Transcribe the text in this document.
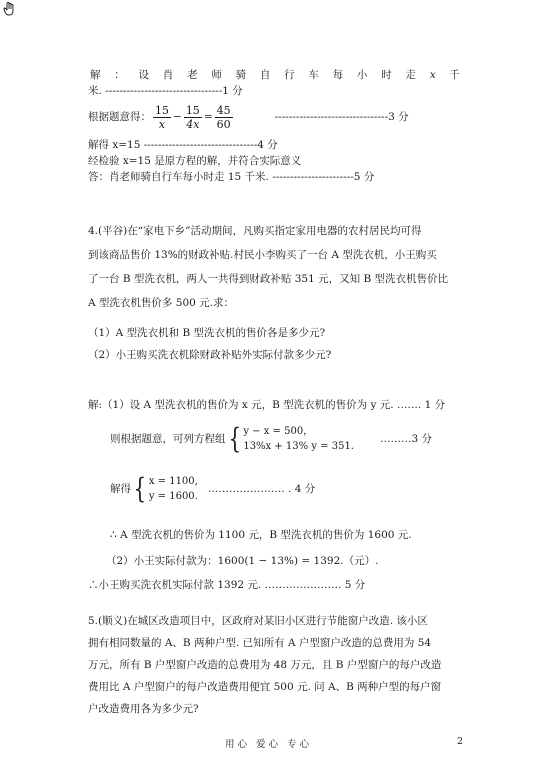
解 ： 设 肖 老 师 骑 自 行 车 每 小 时 走 x 千
米. ---------------------------------1 分
根据题意得： $\frac{15}{x} - \frac{15}{4x} = \frac{45}{60}$	--------------------------------3 分
解得 x=15 --------------------------------4 分
经检验 x=15 是原方程的解，并符合实际意义
答：肖老师骑自行车每小时走 15 千米. -----------------------5 分
4.(平谷)在“家电下乡”活动期间，凡购买指定家用电器的农村居民均可得
到该商品售价 13%的财政补贴.村民小李购买了一台 A 型洗衣机，小王购买
了一台 B 型洗衣机，两人一共得到财政补贴 351 元，又知 B 型洗衣机售价比
A 型洗衣机售价多 500 元.求：
（1）A 型洗衣机和 B 型洗衣机的售价各是多少元?
（2）小王购买洗衣机除财政补贴外实际付款多少元?
解:（1）设 A 型洗衣机的售价为 x 元，B 型洗衣机的售价为 y 元. ……. 1 分
则根据题意，可列方程组 { y − x = 500，
13%x + 13% y = 351.
………3 分
解得 { x = 1100,
y = 1600.
…………………. . 4 分
∴ A 型洗衣机的售价为 1100 元，B 型洗衣机的售价为 1600 元.
（2）小王实际付款为：1600(1 − 13%) = 1392.（元）.
∴小王购买洗衣机实际付款 1392 元. …………………. 5 分
5.(顺义)在城区改造项目中，区政府对某旧小区进行节能窗户改造. 该小区
拥有相同数量的 A、B 两种户型. 已知所有 A 户型窗户改造的总费用为 54
万元，所有 B 户型窗户改造的总费用为 48 万元，且 B 户型窗户的每户改造
费用比 A 户型窗户的每户改造费用便宜 500 元. 问 A、B 两种户型的每户窗
户改造费用各为多少元?
用心 爱心 专心	2
